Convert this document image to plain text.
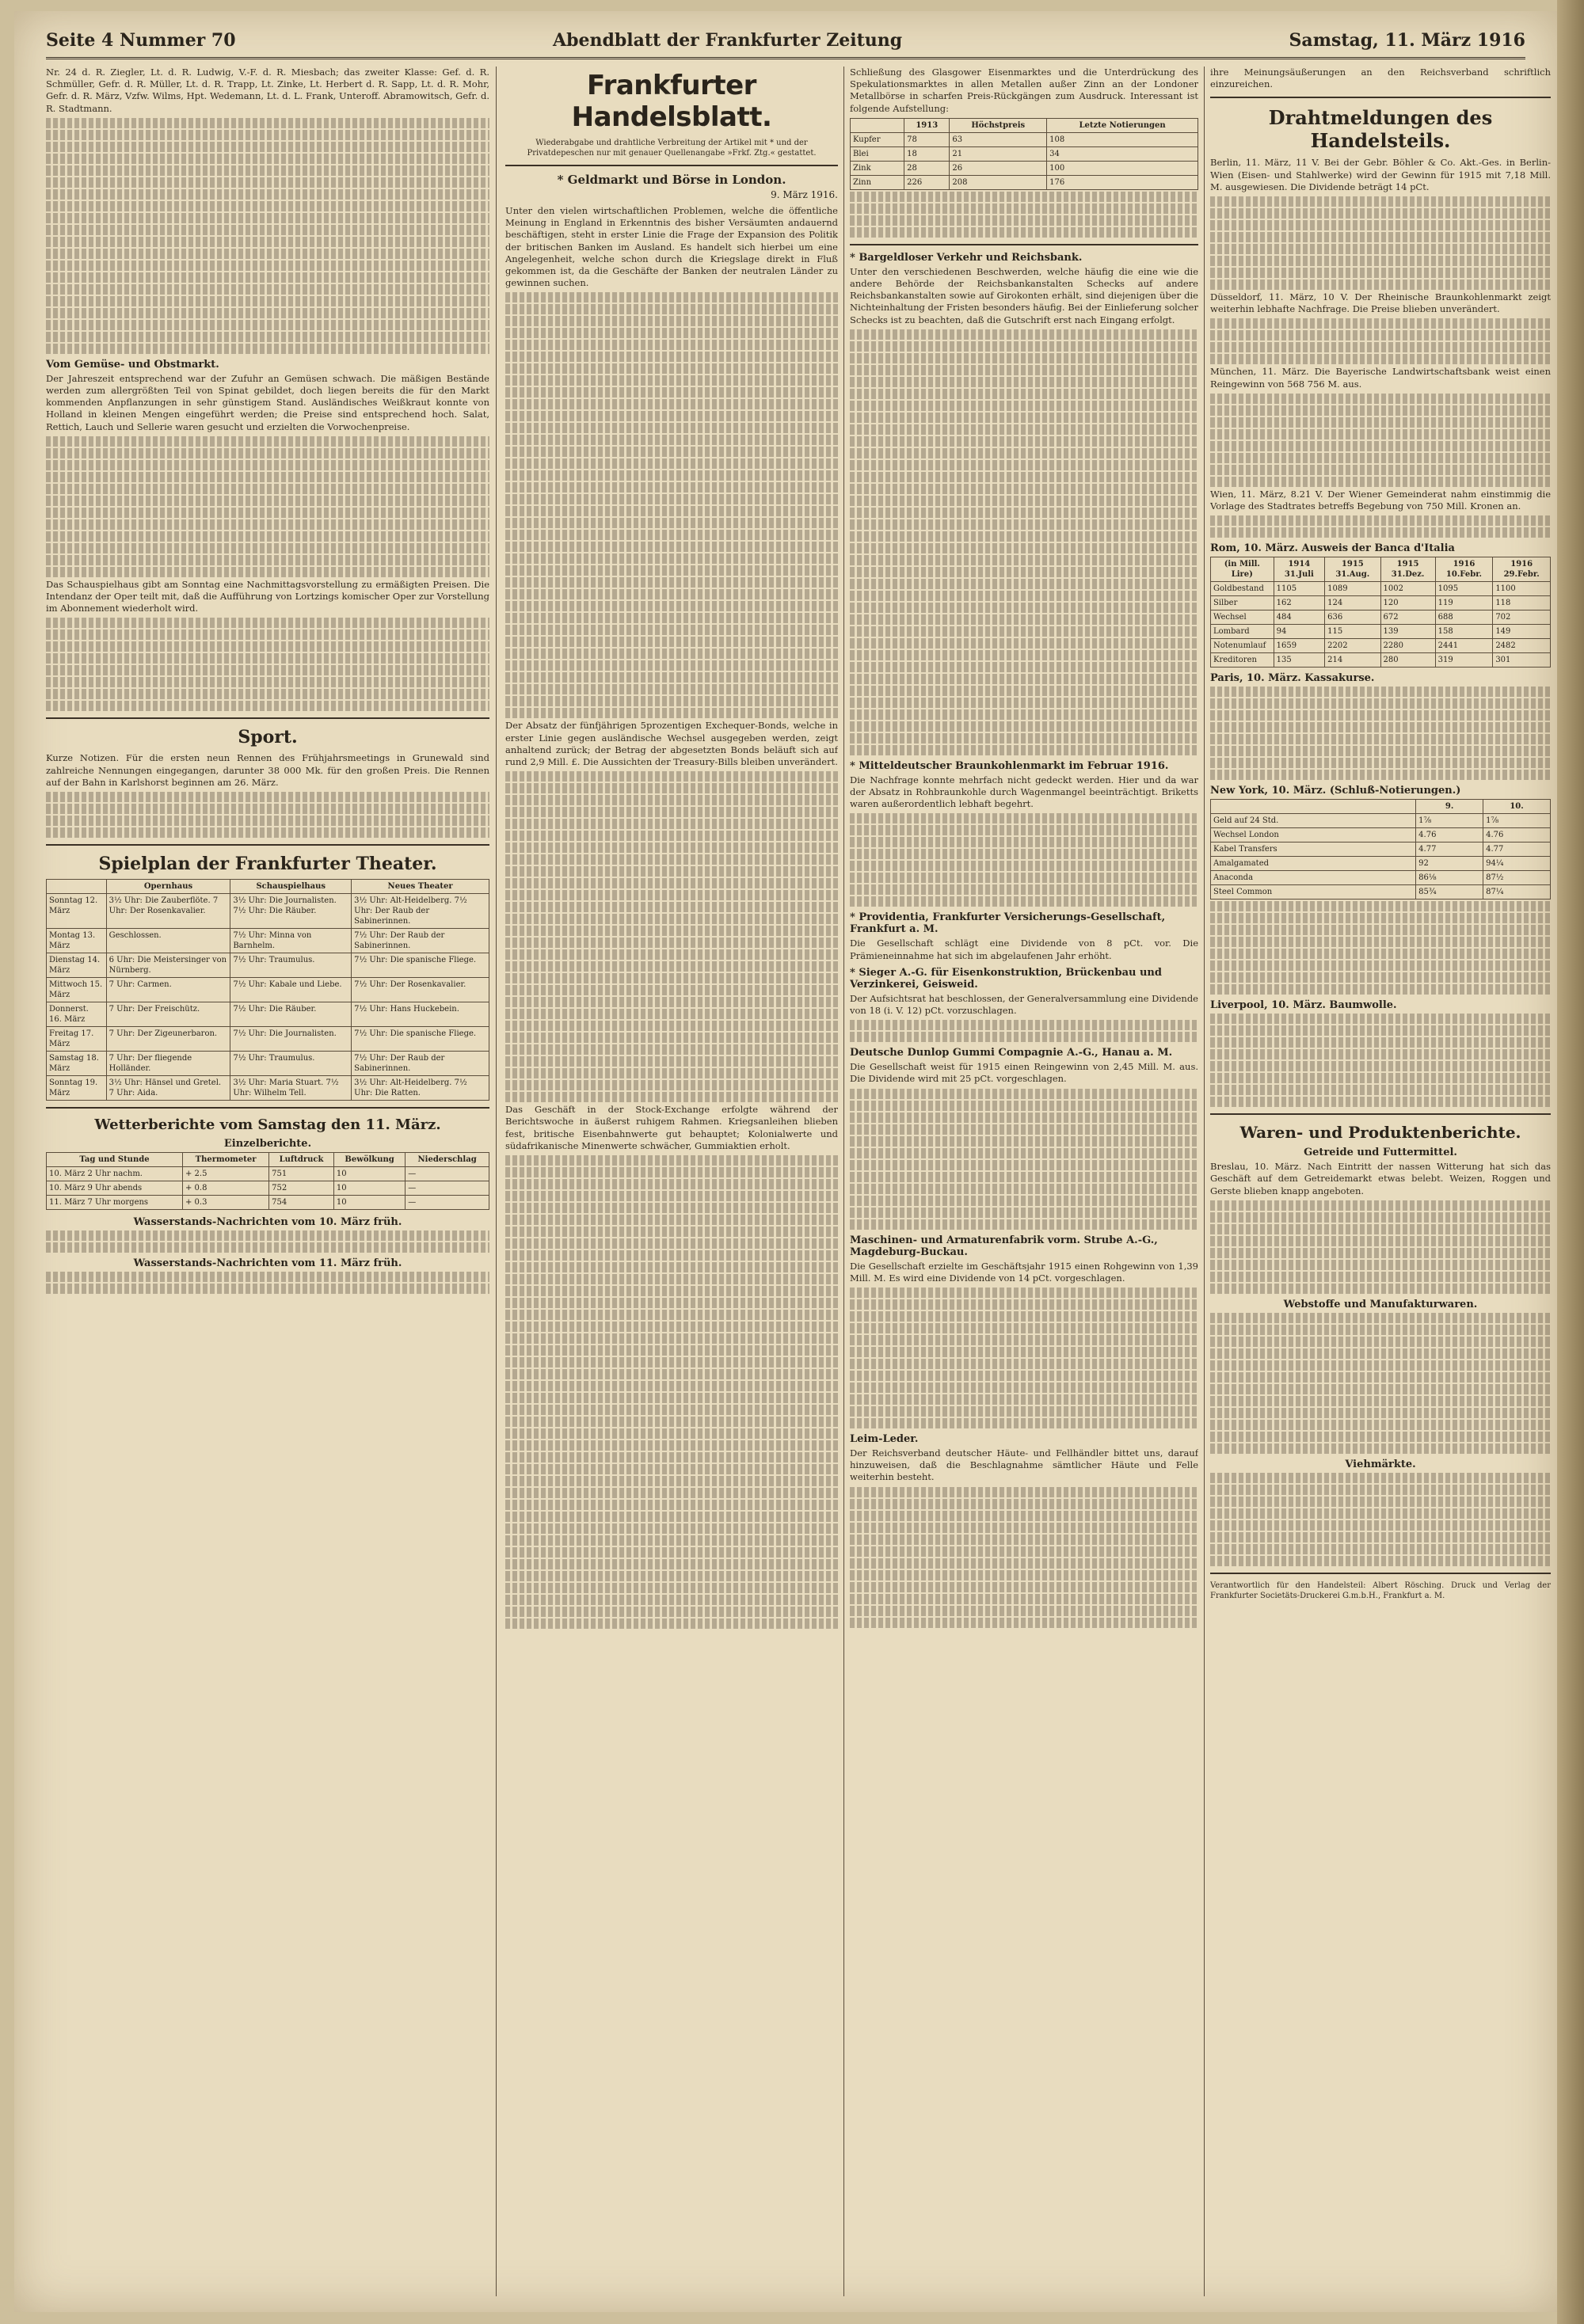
Seite 4 Nummer 70	Abendblatt der Frankfurter Zeitung	Samstag, 11. März 1916

Nr. 24 d. R. Ziegler, Lt. d. R. Ludwig, V.-F. d. R. Miesbach; das zweiter Klasse: Gef. d. R. Schmüller, Gefr. d. R. Müller, Lt. d. R. Trapp, Lt. Zinke, Lt. Herbert d. R. Sapp, Lt. d. R. Mohr, Gefr. d. R. März, Vzfw. Wilms, Hpt. Wedemann, Lt. d. L. Frank, Unteroff. Abramowitsch, Gefr. d. R. Stadtmann.

Vom Gemüse- und Obstmarkt.

Der Jahreszeit entsprechend war der Zufuhr an Gemüsen schwach. Die mäßigen Bestände werden zum allergrößten Teil von Spinat gebildet, doch liegen bereits die für den Markt kommenden Anpflanzungen in sehr günstigem Stand. Ausländisches Weißkraut konnte von Holland in kleinen Mengen eingeführt werden; die Preise sind entsprechend hoch. Salat, Rettich, Lauch und Sellerie waren gesucht und erzielten die Vorwochenpreise.

Das Schauspielhaus gibt am Sonntag eine Nachmittagsvorstellung zu ermäßigten Preisen. Die Intendanz der Oper teilt mit, daß die Aufführung von Lortzings komischer Oper zur Vorstellung im Abonnement wiederholt wird.

Sport.

Kurze Notizen. Für die ersten neun Rennen des Frühjahrsmeetings in Grunewald sind zahlreiche Nennungen eingegangen, darunter 38 000 Mk. für den großen Preis. Die Rennen auf der Bahn in Karlshorst beginnen am 26. März.

Spielplan der Frankfurter Theater.
	Opernhaus	Schauspielhaus	Neues Theater
Sonntag 12. März	3½ Uhr: Die Zauberflöte. 7 Uhr: Der Rosenkavalier.	3½ Uhr: Die Journalisten. 7½ Uhr: Die Räuber.	3½ Uhr: Alt-Heidelberg. 7½ Uhr: Der Raub der Sabinerinnen.
Montag 13. März	Geschlossen.	7½ Uhr: Minna von Barnhelm.	7½ Uhr: Der Raub der Sabinerinnen.
Dienstag 14. März	6 Uhr: Die Meistersinger von Nürnberg.	7½ Uhr: Traumulus.	7½ Uhr: Die spanische Fliege.
Mittwoch 15. März	7 Uhr: Carmen.	7½ Uhr: Kabale und Liebe.	7½ Uhr: Der Rosenkavalier.
Donnerst. 16. März	7 Uhr: Der Freischütz.	7½ Uhr: Die Räuber.	7½ Uhr: Hans Huckebein.
Freitag 17. März	7 Uhr: Der Zigeunerbaron.	7½ Uhr: Die Journalisten.	7½ Uhr: Die spanische Fliege.
Samstag 18. März	7 Uhr: Der fliegende Holländer.	7½ Uhr: Traumulus.	7½ Uhr: Der Raub der Sabinerinnen.
Sonntag 19. März	3½ Uhr: Hänsel und Gretel. 7 Uhr: Aida.	3½ Uhr: Maria Stuart. 7½ Uhr: Wilhelm Tell.	3½ Uhr: Alt-Heidelberg. 7½ Uhr: Die Ratten.
Wetterberichte vom Samstag den 11. März.
Einzelberichte.
Tag und Stunde	Thermometer	Luftdruck	Bewölkung	Niederschlag
10. März 2 Uhr nachm.	+ 2.5	751	10	—
10. März 9 Uhr abends	+ 0.8	752	10	—
11. März 7 Uhr morgens	+ 0.3	754	10	—
Wasserstands-Nachrichten vom 10. März früh.
Wasserstands-Nachrichten vom 11. März früh.
Frankfurter Handelsblatt.

Wiederabgabe und drahtliche Verbreitung der Artikel mit * und der Privatdepeschen nur mit genauer Quellenangabe »Frkf. Ztg.« gestattet.

* Geldmarkt und Börse in London.
9. März 1916.

Unter den vielen wirtschaftlichen Problemen, welche die öffentliche Meinung in England in Erkenntnis des bisher Versäumten andauernd beschäftigen, steht in erster Linie die Frage der Expansion des Politik der britischen Banken im Ausland. Es handelt sich hierbei um eine Angelegenheit, welche schon durch die Kriegslage direkt in Fluß gekommen ist, da die Geschäfte der Banken der neutralen Länder zu gewinnen suchen.

Der Absatz der fünfjährigen 5prozentigen Exchequer-Bonds, welche in erster Linie gegen ausländische Wechsel ausgegeben werden, zeigt anhaltend zurück; der Betrag der abgesetzten Bonds beläuft sich auf rund 2,9 Mill. £. Die Aussichten der Treasury-Bills bleiben unverändert.

Das Geschäft in der Stock-Exchange erfolgte während der Berichtswoche in äußerst ruhigem Rahmen. Kriegsanleihen blieben fest, britische Eisenbahnwerte gut behauptet; Kolonialwerte und südafrikanische Minenwerte schwächer, Gummiaktien erholt.

Schließung des Glasgower Eisenmarktes und die Unterdrückung des Spekulationsmarktes in allen Metallen außer Zinn an der Londoner Metallbörse in scharfen Preis-Rückgängen zum Ausdruck. Interessant ist folgende Aufstellung:

	1913	Höchstpreis	Letzte Notierungen
Kupfer	78	63	108
Blei	18	21	34
Zink	28	26	100
Zinn	226	208	176
* Bargeldloser Verkehr und Reichsbank.

Unter den verschiedenen Beschwerden, welche häufig die eine wie die andere Behörde der Reichsbankanstalten Schecks auf andere Reichsbankanstalten sowie auf Girokonten erhält, sind diejenigen über die Nichteinhaltung der Fristen besonders häufig. Bei der Einlieferung solcher Schecks ist zu beachten, daß die Gutschrift erst nach Eingang erfolgt.

* Mitteldeutscher Braunkohlenmarkt im Februar 1916.

Die Nachfrage konnte mehrfach nicht gedeckt werden. Hier und da war der Absatz in Rohbraunkohle durch Wagenmangel beeinträchtigt. Briketts waren außerordentlich lebhaft begehrt.

* Providentia, Frankfurter Versicherungs-Gesellschaft, Frankfurt a. M.

Die Gesellschaft schlägt eine Dividende von 8 pCt. vor. Die Prämieneinnahme hat sich im abgelaufenen Jahr erhöht.

* Sieger A.-G. für Eisenkonstruktion, Brückenbau und Verzinkerei, Geisweid.

Der Aufsichtsrat hat beschlossen, der Generalversammlung eine Dividende von 18 (i. V. 12) pCt. vorzuschlagen.

Deutsche Dunlop Gummi Compagnie A.-G., Hanau a. M.

Die Gesellschaft weist für 1915 einen Reingewinn von 2,45 Mill. M. aus. Die Dividende wird mit 25 pCt. vorgeschlagen.

Maschinen- und Armaturenfabrik vorm. Strube A.-G., Magdeburg-Buckau.

Die Gesellschaft erzielte im Geschäftsjahr 1915 einen Rohgewinn von 1,39 Mill. M. Es wird eine Dividende von 14 pCt. vorgeschlagen.

Leim-Leder.

Der Reichsverband deutscher Häute- und Fellhändler bittet uns, darauf hinzuweisen, daß die Beschlagnahme sämtlicher Häute und Felle weiterhin besteht.

ihre Meinungsäußerungen an den Reichsverband schriftlich einzureichen.

Drahtmeldungen des Handelsteils.

Berlin, 11. März, 11 V. Bei der Gebr. Böhler & Co. Akt.-Ges. in Berlin-Wien (Eisen- und Stahlwerke) wird der Gewinn für 1915 mit 7,18 Mill. M. ausgewiesen. Die Dividende beträgt 14 pCt.

Düsseldorf, 11. März, 10 V. Der Rheinische Braunkohlenmarkt zeigt weiterhin lebhafte Nachfrage. Die Preise blieben unverändert.

München, 11. März. Die Bayerische Landwirtschaftsbank weist einen Reingewinn von 568 756 M. aus.

Wien, 11. März, 8.21 V. Der Wiener Gemeinderat nahm einstimmig die Vorlage des Stadtrates betreffs Begebung von 750 Mill. Kronen an.

Rom, 10. März. Ausweis der Banca d'Italia
(in Mill. Lire)	1914 31.Juli	1915 31.Aug.	1915 31.Dez.	1916 10.Febr.	1916 29.Febr.
Goldbestand	1105	1089	1002	1095	1100
Silber	162	124	120	119	118
Wechsel	484	636	672	688	702
Lombard	94	115	139	158	149
Notenumlauf	1659	2202	2280	2441	2482
Kreditoren	135	214	280	319	301
Paris, 10. März. Kassakurse.
New York, 10. März. (Schluß-Notierungen.)
	9.	10.
Geld auf 24 Std.	1⅞	1⅞
Wechsel London	4.76	4.76
Kabel Transfers	4.77	4.77
Amalgamated	92	94¼
Anaconda	86⅛	87½
Steel Common	85¾	87¼
Liverpool, 10. März. Baumwolle.
Waren- und Produktenberichte.
Getreide und Futtermittel.

Breslau, 10. März. Nach Eintritt der nassen Witterung hat sich das Geschäft auf dem Getreidemarkt etwas belebt. Weizen, Roggen und Gerste blieben knapp angeboten.

Webstoffe und Manufakturwaren.
Viehmärkte.

Verantwortlich für den Handelsteil: Albert Rösching. Druck und Verlag der Frankfurter Societäts-Druckerei G.m.b.H., Frankfurt a. M.
